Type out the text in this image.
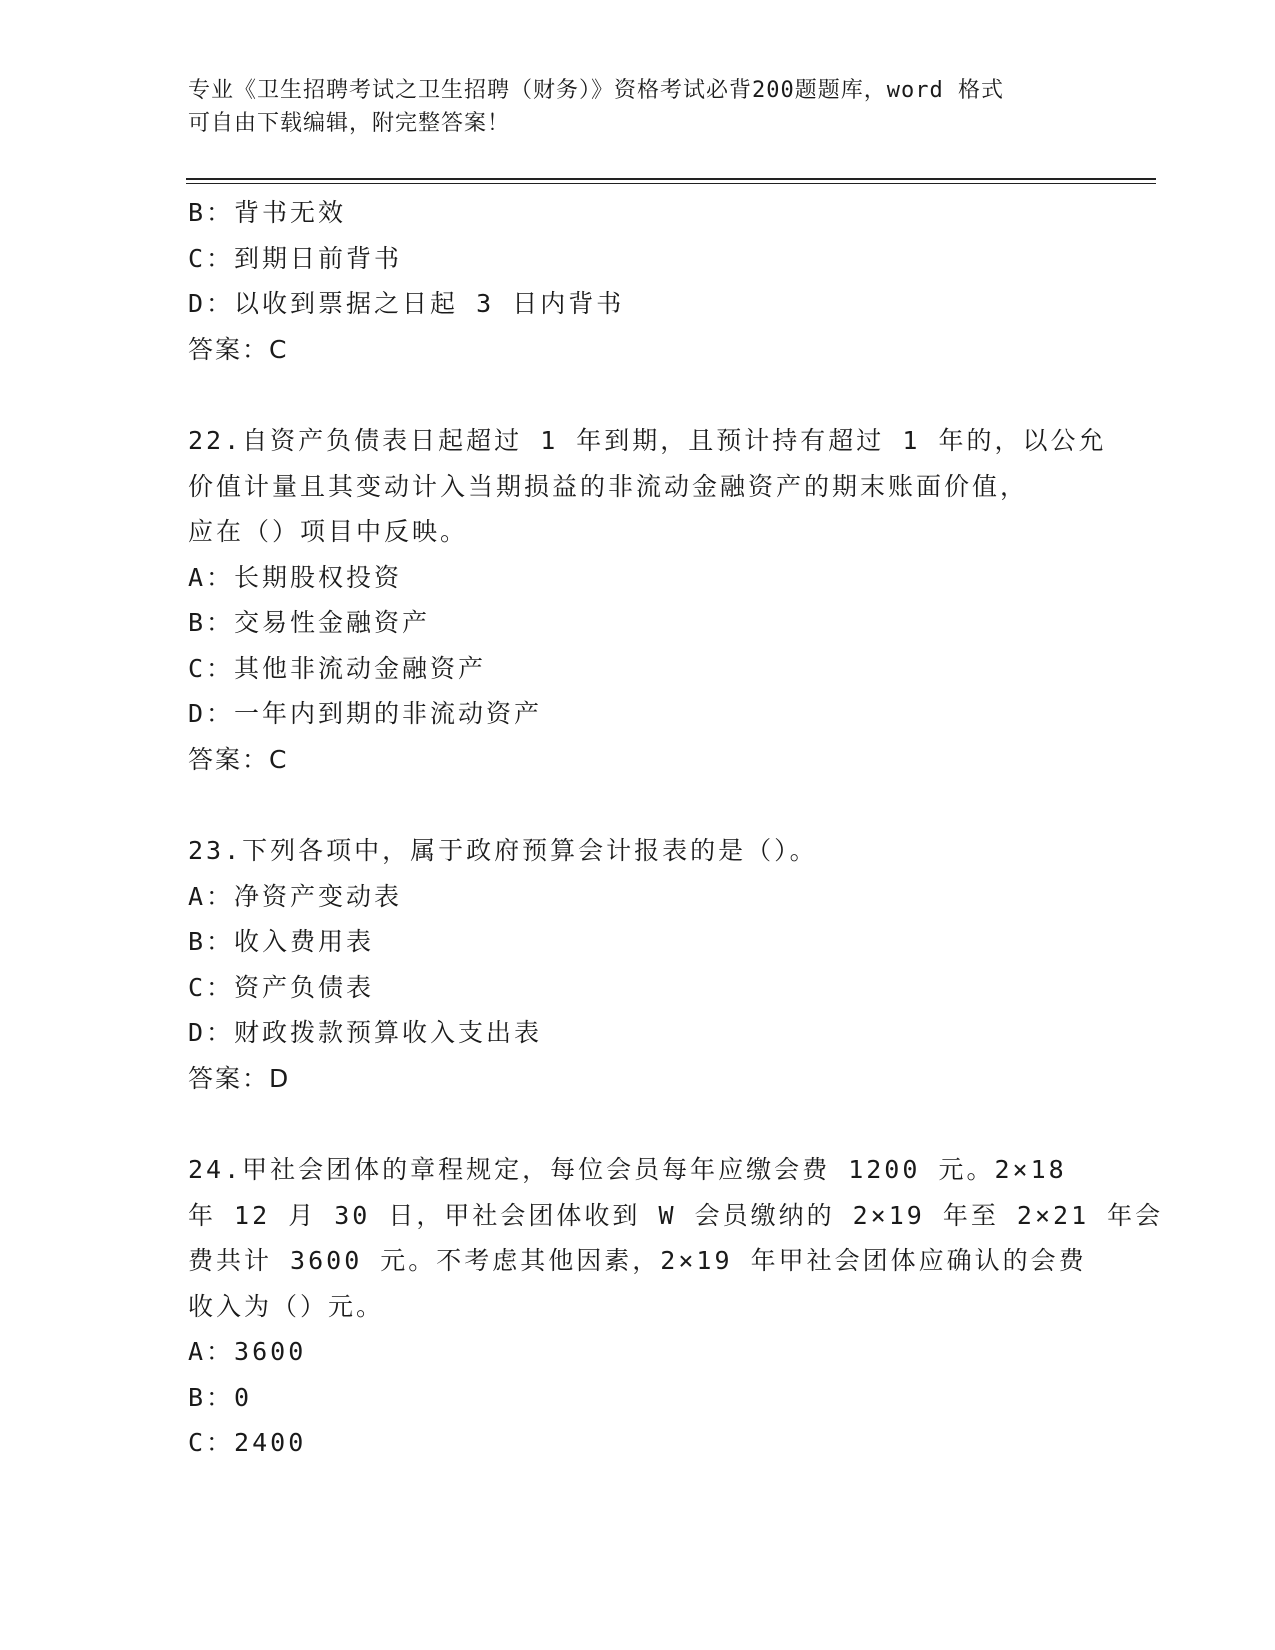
专业《卫生招聘考试之卫生招聘（财务）》资格考试必背200题题库，word 格式
可自由下载编辑，附完整答案！
B：背书无效
C：到期日前背书
D：以收到票据之日起 3 日内背书
答案：C
22.自资产负债表日起超过 1 年到期，且预计持有超过 1 年的，以公允
价值计量且其变动计入当期损益的非流动金融资产的期末账面价值，
应在（）项目中反映。
A：长期股权投资
B：交易性金融资产
C：其他非流动金融资产
D：一年内到期的非流动资产
答案：C
23.下列各项中，属于政府预算会计报表的是（）。
A：净资产变动表
B：收入费用表
C：资产负债表
D：财政拨款预算收入支出表
答案：D
24.甲社会团体的章程规定，每位会员每年应缴会费 1200 元。2×18
年 12 月 30 日，甲社会团体收到 W 会员缴纳的 2×19 年至 2×21 年会
费共计 3600 元。不考虑其他因素，2×19 年甲社会团体应确认的会费
收入为（）元。
A：3600
B：0
C：2400
